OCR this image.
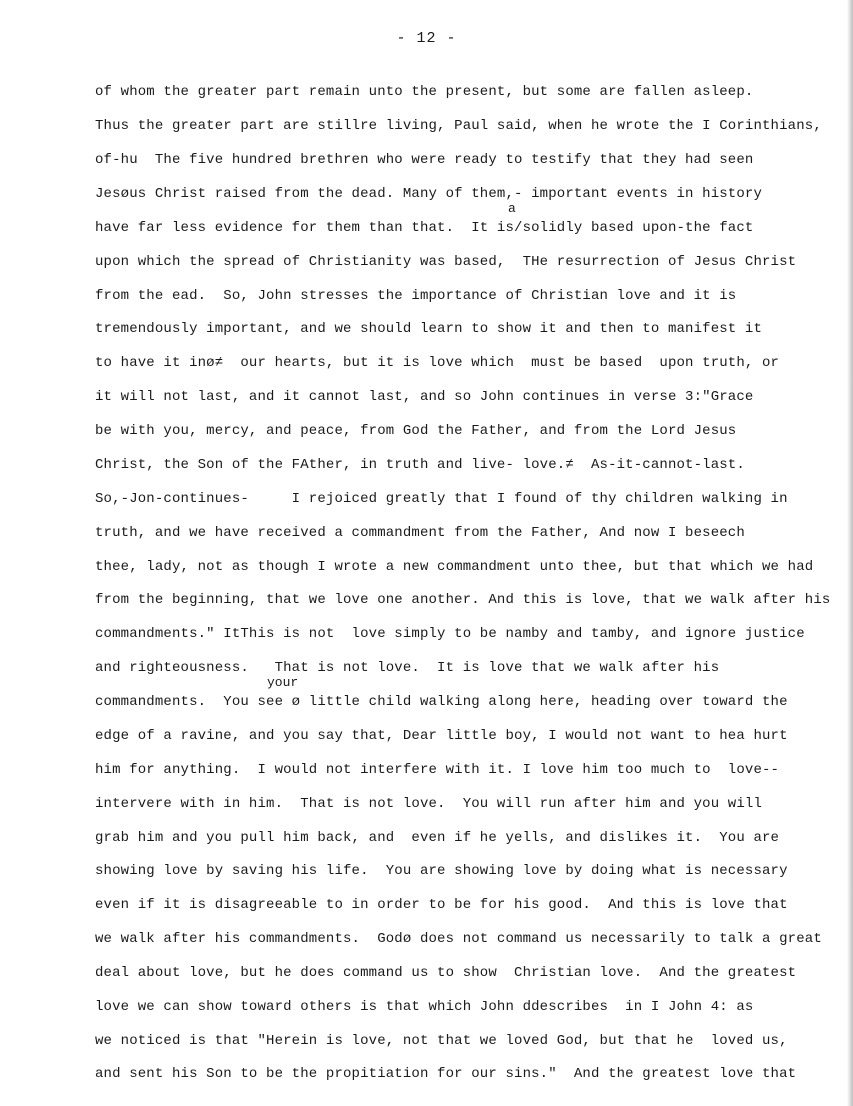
- 12 -
of whom the greater part remain unto the present, but some are fallen asleep.
Thus the greater part are stillre living, Paul said, when he wrote the I Corinthians,
of-hu  The five hundred brethren who were ready to testify that they had seen
Jesøus Christ raised from the dead. Many of them,- important events in history
have far less evidence for them than that.  It is/solidly based upon-the fact
upon which the spread of Christianity was based,  THe resurrection of Jesus Christ
from the ead.  So, John stresses the importance of Christian love and it is
tremendously important, and we should learn to show it and then to manifest it
to have it inø≠  our hearts, but it is love which  must be based  upon truth, or
it will not last, and it cannot last, and so John continues in verse 3:"Grace
be with you, mercy, and peace, from God the Father, and from the Lord Jesus
Christ, the Son of the FAther, in truth and live- love.≠  As-it-cannot-last.
So,-Jon-continues-     I rejoiced greatly that I found of thy children walking in
truth, and we have received a commandment from the Father, And now I beseech
thee, lady, not as though I wrote a new commandment unto thee, but that which we had
from the beginning, that we love one another. And this is love, that we walk after his
commandments." ItThis is not  love simply to be namby and tamby, and ignore justice
and righteousness.   That is not love.  It is love that we walk after his
commandments.  You see ø little child walking along here, heading over toward the
edge of a ravine, and you say that, Dear little boy, I would not want to hea hurt
him for anything.  I would not interfere with it. I love him too much to  love--
intervere with in him.  That is not love.  You will run after him and you will
grab him and you pull him back, and  even if he yells, and dislikes it.  You are
showing love by saving his life.  You are showing love by doing what is necessary
even if it is disagreeable to in order to be for his good.  And this is love that
we walk after his commandments.  Godø does not command us necessarily to talk a great
deal about love, but he does command us to show  Christian love.  And the greatest
love we can show toward others is that which John ddescribes  in I John 4: as
we noticed is that "Herein is love, not that we loved God, but that he  loved us,
and sent his Son to be the propitiation for our sins."  And the greatest love that
a
your
